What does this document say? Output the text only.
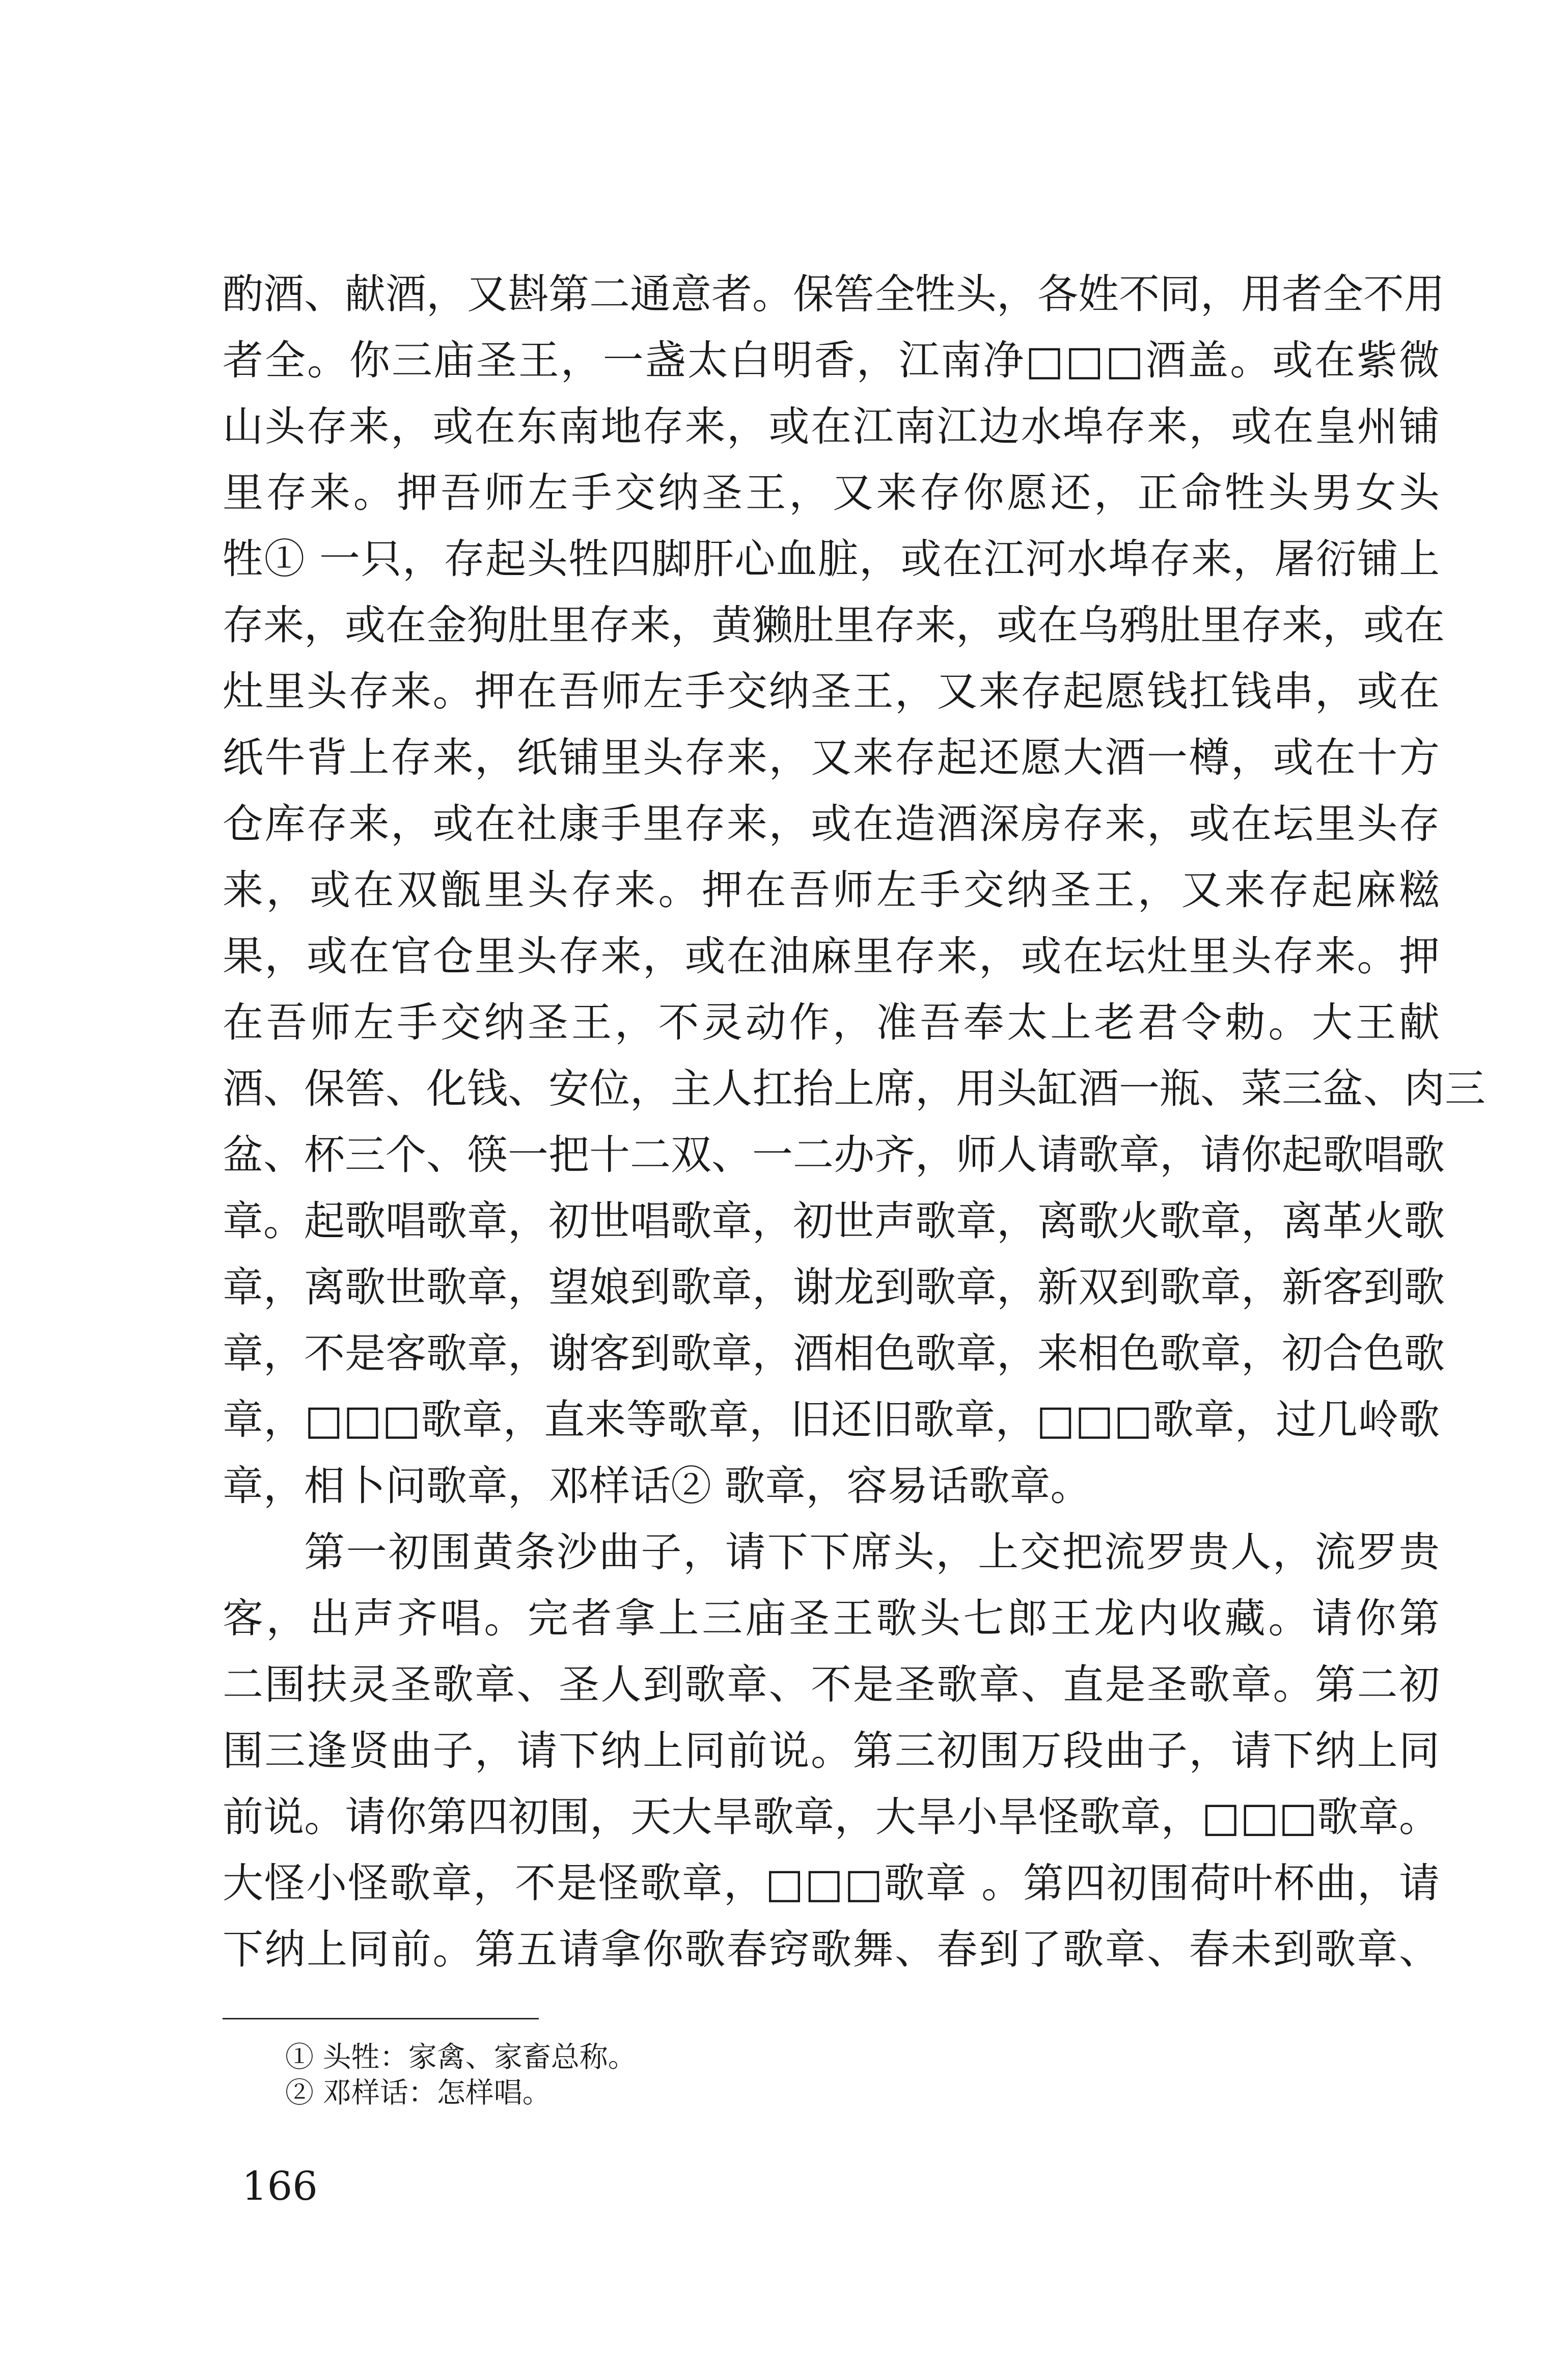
酌酒、献酒，又斟第二通意者。保筶全牲头，各姓不同，用者全不用
者全。你三庙圣王，一盏太白明香，江南净□□□酒盖。或在紫微
山头存来，或在东南地存来，或在江南江边水埠存来，或在皇州铺
里存来。押吾师左手交纳圣王，又来存你愿还，正命牲头男女头
牲① 一只，存起头牲四脚肝心血脏，或在江河水埠存来，屠衍铺上
存来，或在金狗肚里存来，黄獭肚里存来，或在乌鸦肚里存来，或在
灶里头存来。押在吾师左手交纳圣王，又来存起愿钱扛钱串，或在
纸牛背上存来，纸铺里头存来，又来存起还愿大酒一樽，或在十方
仓库存来，或在社康手里存来，或在造酒深房存来，或在坛里头存
来，或在双甑里头存来。押在吾师左手交纳圣王，又来存起麻糍
果，或在官仓里头存来，或在油麻里存来，或在坛灶里头存来。押
在吾师左手交纳圣王，不灵动作，准吾奉太上老君令勅。大王献
酒、保筶、化钱、安位，主人扛抬上席，用头缸酒一瓶、菜三盆、肉三
盆、杯三个、筷一把十二双、一二办齐，师人请歌章，请你起歌唱歌
章。起歌唱歌章，初世唱歌章，初世声歌章，离歌火歌章，离革火歌
章，离歌世歌章，望娘到歌章，谢龙到歌章，新双到歌章，新客到歌
章，不是客歌章，谢客到歌章，酒相色歌章，来相色歌章，初合色歌
章，□□□歌章，直来等歌章，旧还旧歌章，□□□歌章，过几岭歌
章，相卜问歌章，邓样话② 歌章，容易话歌章。
第一初围黄条沙曲子，请下下席头，上交把流罗贵人，流罗贵
客，出声齐唱。完者拿上三庙圣王歌头七郎王龙内收藏。请你第
二围扶灵圣歌章、圣人到歌章、不是圣歌章、直是圣歌章。第二初
围三逢贤曲子，请下纳上同前说。第三初围万段曲子，请下纳上同
前说。请你第四初围，天大旱歌章，大旱小旱怪歌章，□□□歌章。
大怪小怪歌章，不是怪歌章，□□□歌章 。第四初围荷叶杯曲，请
下纳上同前。第五请拿你歌春窍歌舞、春到了歌章、春未到歌章、
① 头牲：家禽、家畜总称。
② 邓样话：怎样唱。
166
